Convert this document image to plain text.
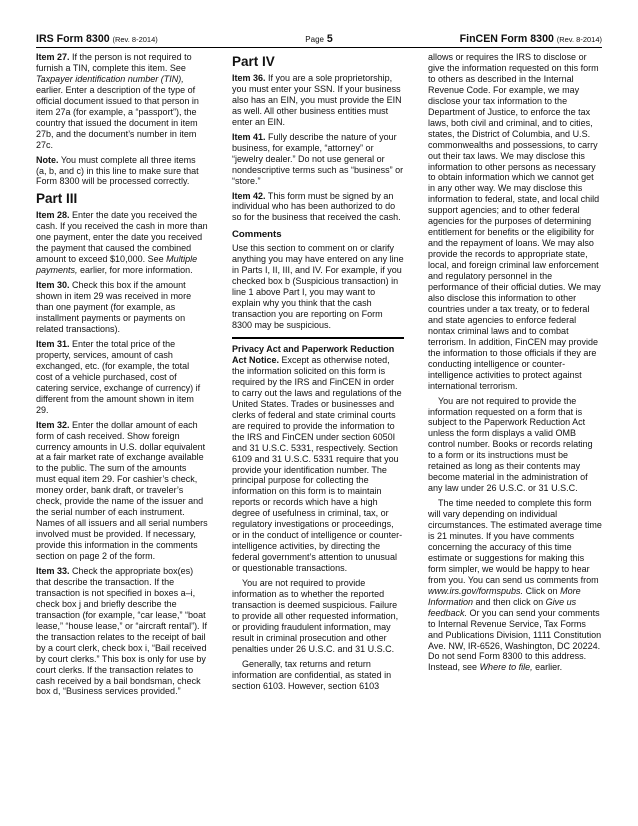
IRS Form 8300 (Rev. 8-2014)	Page 5	FinCEN Form 8300 (Rev. 8-2014)

Item 27. If the person is not required to furnish a TIN, complete this item. See Taxpayer identification number (TIN), earlier. Enter a description of the type of official document issued to that person in item 27a (for example, a “passport”), the country that issued the document in item 27b, and the document’s number in item 27c.

Note. You must complete all three items (a, b, and c) in this line to make sure that Form 8300 will be processed correctly.

Part III

Item 28. Enter the date you received the cash. If you received the cash in more than one payment, enter the date you received the payment that caused the combined amount to exceed $10,000. See Multiple payments, earlier, for more information.

Item 30. Check this box if the amount shown in item 29 was received in more than one payment (for example, as installment payments or payments on related transactions).

Item 31. Enter the total price of the property, services, amount of cash exchanged, etc. (for example, the total cost of a vehicle purchased, cost of catering service, exchange of currency) if different from the amount shown in item 29.

Item 32. Enter the dollar amount of each form of cash received. Show foreign currency amounts in U.S. dollar equivalent at a fair market rate of exchange available to the public. The sum of the amounts must equal item 29. For cashier’s check, money order, bank draft, or traveler’s check, provide the name of the issuer and the serial number of each instrument. Names of all issuers and all serial numbers involved must be provided. If necessary, provide this information in the comments section on page 2 of the form.

Item 33. Check the appropriate box(es) that describe the transaction. If the transaction is not specified in boxes a–i, check box j and briefly describe the transaction (for example, “car lease,” “boat lease,” “house lease,” or “aircraft rental”). If the transaction relates to the receipt of bail by a court clerk, check box i, “Bail received by court clerks.” This box is only for use by court clerks. If the transaction relates to cash received by a bail bondsman, check box d, “Business services provided.”

Part IV

Item 36. If you are a sole proprietorship, you must enter your SSN. If your business also has an EIN, you must provide the EIN as well. All other business entities must enter an EIN.

Item 41. Fully describe the nature of your business, for example, “attorney” or “jewelry dealer.” Do not use general or nondescriptive terms such as “business” or “store.”

Item 42. This form must be signed by an individual who has been authorized to do so for the business that received the cash.

Comments

Use this section to comment on or clarify anything you may have entered on any line in Parts I, II, III, and IV. For example, if you checked box b (Suspicious transaction) in line 1 above Part I, you may want to explain why you think that the cash transaction you are reporting on Form 8300 may be suspicious.

Privacy Act and Paperwork Reduction Act Notice. Except as otherwise noted, the information solicited on this form is required by the IRS and FinCEN in order to carry out the laws and regulations of the United States. Trades or businesses and clerks of federal and state criminal courts are required to provide the information to the IRS and FinCEN under section 6050I and 31 U.S.C. 5331, respectively. Section 6109 and 31 U.S.C. 5331 require that you provide your identification number. The principal purpose for collecting the information on this form is to maintain reports or records which have a high degree of usefulness in criminal, tax, or regulatory investigations or proceedings, or in the conduct of intelligence or counter-intelligence activities, by directing the federal government’s attention to unusual or questionable transactions.

You are not required to provide information as to whether the reported transaction is deemed suspicious. Failure to provide all other requested information, or providing fraudulent information, may result in criminal prosecution and other penalties under 26 U.S.C. and 31 U.S.C.

Generally, tax returns and return information are confidential, as stated in section 6103. However, section 6103

allows or requires the IRS to disclose or give the information requested on this form to others as described in the Internal Revenue Code. For example, we may disclose your tax information to the Department of Justice, to enforce the tax laws, both civil and criminal, and to cities, states, the District of Columbia, and U.S. commonwealths and possessions, to carry out their tax laws. We may disclose this information to other persons as necessary to obtain information which we cannot get in any other way. We may disclose this information to federal, state, and local child support agencies; and to other federal agencies for the purposes of determining entitlement for benefits or the eligibility for and the repayment of loans. We may also provide the records to appropriate state, local, and foreign criminal law enforcement and regulatory personnel in the performance of their official duties. We may also disclose this information to other countries under a tax treaty, or to federal and state agencies to enforce federal nontax criminal laws and to combat terrorism. In addition, FinCEN may provide the information to those officials if they are conducting intelligence or counter-intelligence activities to protect against international terrorism.

You are not required to provide the information requested on a form that is subject to the Paperwork Reduction Act unless the form displays a valid OMB control number. Books or records relating to a form or its instructions must be retained as long as their contents may become material in the administration of any law under 26 U.S.C. or 31 U.S.C.

The time needed to complete this form will vary depending on individual circumstances. The estimated average time is 21 minutes. If you have comments concerning the accuracy of this time estimate or suggestions for making this form simpler, we would be happy to hear from you. You can send us comments from www.irs.gov/formspubs. Click on More Information and then click on Give us feedback. Or you can send your comments to Internal Revenue Service, Tax Forms and Publications Division, 1111 Constitution Ave. NW, IR-6526, Washington, DC 20224. Do not send Form 8300 to this address. Instead, see Where to file, earlier.
